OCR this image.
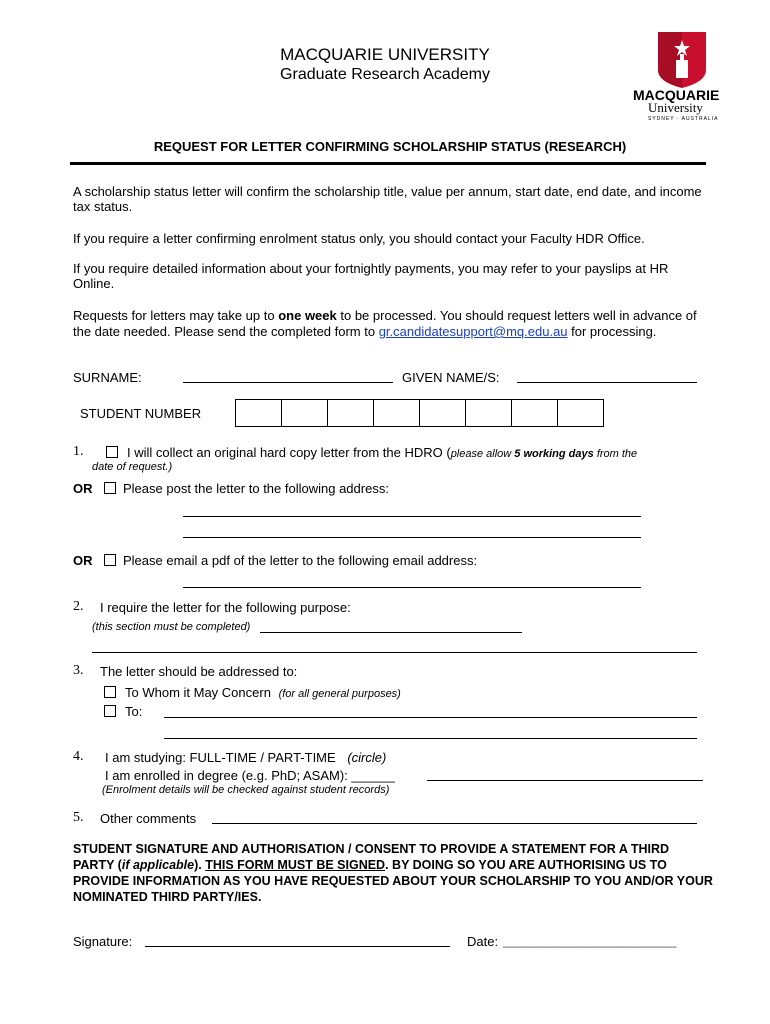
MACQUARIE UNIVERSITY
Graduate Research Academy
MACQUARIE
University
SYDNEY · AUSTRALIA
REQUEST FOR LETTER CONFIRMING SCHOLARSHIP STATUS (RESEARCH)
A scholarship status letter will confirm the scholarship title, value per annum, start date, end date, and income tax status.
If you require a letter confirming enrolment status only, you should contact your Faculty HDR Office.
If you require detailed information about your fortnightly payments, you may refer to your payslips at HR Online.
Requests for letters may take up to one week to be processed. You should request letters well in advance of the date needed. Please send the completed form to gr.candidatesupport@mq.edu.au for processing.
SURNAME:	GIVEN NAME/S:
STUDENT NUMBER
1.	I will collect an original hard copy letter from the HDRO (please allow 5 working days from the
date of request.)
OR Please post the letter to the following address:
OR Please email a pdf of the letter to the following email address:
2. I require the letter for the following purpose:
(this section must be completed)
3. The letter should be addressed to:
To Whom it May Concern (for all general purposes)
To:
4. I am studying: FULL-TIME / PART-TIME (circle)
I am enrolled in degree (e.g. PhD; ASAM): ______
(Enrolment details will be checked against student records)
5. Other comments
STUDENT SIGNATURE AND AUTHORISATION / CONSENT TO PROVIDE A STATEMENT FOR A THIRD PARTY (if applicable). THIS FORM MUST BE SIGNED. BY DOING SO YOU ARE AUTHORISING US TO PROVIDE INFORMATION AS YOU HAVE REQUESTED ABOUT YOUR SCHOLARSHIP TO YOU AND/OR YOUR NOMINATED THIRD PARTY/IES.
Signature:	Date: ________________________
